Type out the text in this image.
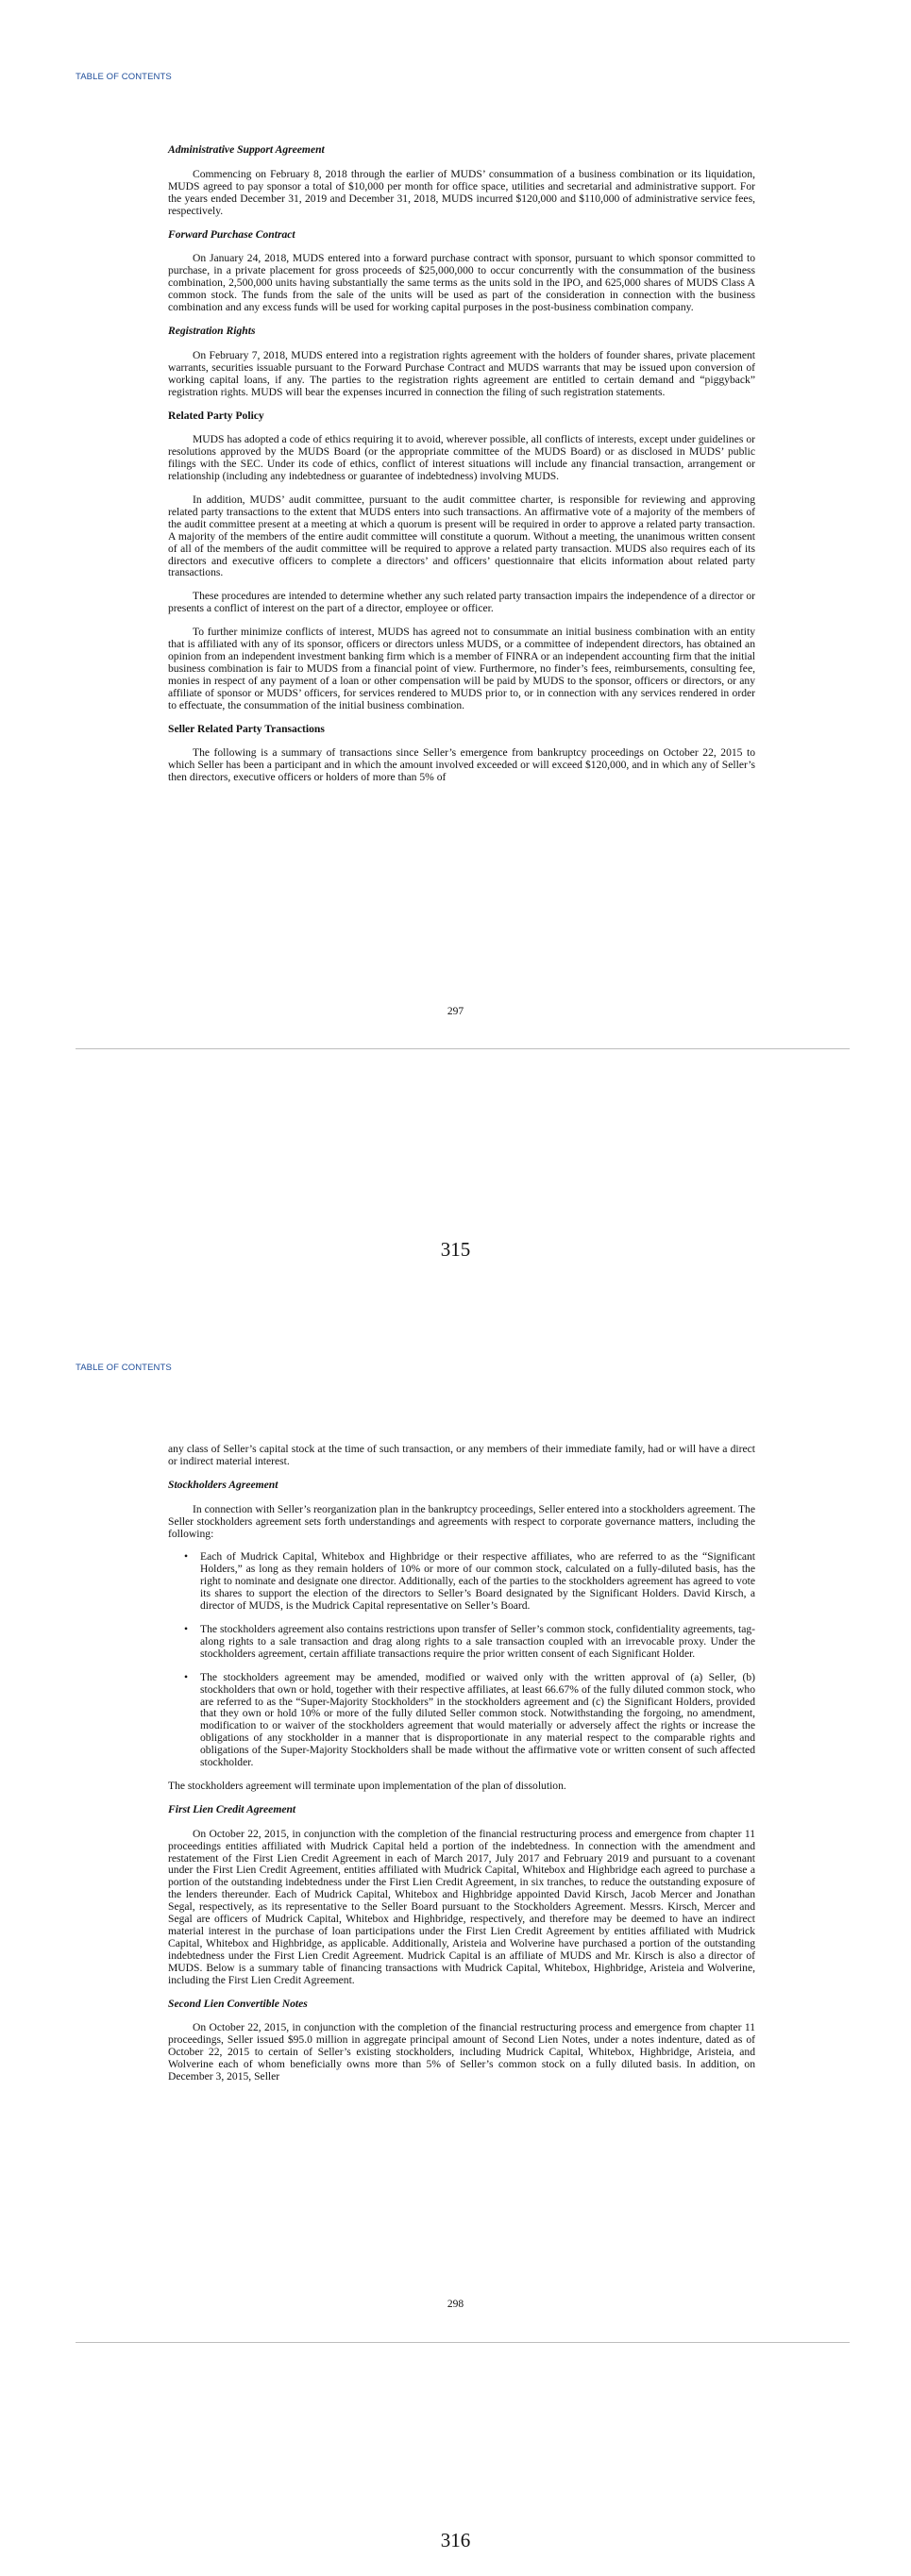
TABLE OF CONTENTS
Administrative Support Agreement

Commencing on February 8, 2018 through the earlier of MUDS’ consummation of a business combination or its liquidation, MUDS agreed to pay sponsor a total of $10,000 per month for office space, utilities and secretarial and administrative support. For the years ended December 31, 2019 and December 31, 2018, MUDS incurred $120,000 and $110,000 of administrative service fees, respectively.

Forward Purchase Contract

On January 24, 2018, MUDS entered into a forward purchase contract with sponsor, pursuant to which sponsor committed to purchase, in a private placement for gross proceeds of $25,000,000 to occur concurrently with the consummation of the business combination, 2,500,000 units having substantially the same terms as the units sold in the IPO, and 625,000 shares of MUDS Class A common stock. The funds from the sale of the units will be used as part of the consideration in connection with the business combination and any excess funds will be used for working capital purposes in the post-business combination company.

Registration Rights

On February 7, 2018, MUDS entered into a registration rights agreement with the holders of founder shares, private placement warrants, securities issuable pursuant to the Forward Purchase Contract and MUDS warrants that may be issued upon conversion of working capital loans, if any. The parties to the registration rights agreement are entitled to certain demand and “piggyback” registration rights. MUDS will bear the expenses incurred in connection the filing of such registration statements.

Related Party Policy

MUDS has adopted a code of ethics requiring it to avoid, wherever possible, all conflicts of interests, except under guidelines or resolutions approved by the MUDS Board (or the appropriate committee of the MUDS Board) or as disclosed in MUDS’ public filings with the SEC. Under its code of ethics, conflict of interest situations will include any financial transaction, arrangement or relationship (including any indebtedness or guarantee of indebtedness) involving MUDS.

In addition, MUDS’ audit committee, pursuant to the audit committee charter, is responsible for reviewing and approving related party transactions to the extent that MUDS enters into such transactions. An affirmative vote of a majority of the members of the audit committee present at a meeting at which a quorum is present will be required in order to approve a related party transaction. A majority of the members of the entire audit committee will constitute a quorum. Without a meeting, the unanimous written consent of all of the members of the audit committee will be required to approve a related party transaction. MUDS also requires each of its directors and executive officers to complete a directors’ and officers’ questionnaire that elicits information about related party transactions.

These procedures are intended to determine whether any such related party transaction impairs the independence of a director or presents a conflict of interest on the part of a director, employee or officer.

To further minimize conflicts of interest, MUDS has agreed not to consummate an initial business combination with an entity that is affiliated with any of its sponsor, officers or directors unless MUDS, or a committee of independent directors, has obtained an opinion from an independent investment banking firm which is a member of FINRA or an independent accounting firm that the initial business combination is fair to MUDS from a financial point of view. Furthermore, no finder’s fees, reimbursements, consulting fee, monies in respect of any payment of a loan or other compensation will be paid by MUDS to the sponsor, officers or directors, or any affiliate of sponsor or MUDS’ officers, for services rendered to MUDS prior to, or in connection with any services rendered in order to effectuate, the consummation of the initial business combination.

Seller Related Party Transactions

The following is a summary of transactions since Seller’s emergence from bankruptcy proceedings on October 22, 2015 to which Seller has been a participant and in which the amount involved exceeded or will exceed $120,000, and in which any of Seller’s then directors, executive officers or holders of more than 5% of

297
315
TABLE OF CONTENTS

any class of Seller’s capital stock at the time of such transaction, or any members of their immediate family, had or will have a direct or indirect material interest.

Stockholders Agreement

In connection with Seller’s reorganization plan in the bankruptcy proceedings, Seller entered into a stockholders agreement. The Seller stockholders agreement sets forth understandings and agreements with respect to corporate governance matters, including the following:

• Each of Mudrick Capital, Whitebox and Highbridge or their respective affiliates, who are referred to as the “Significant Holders,” as long as they remain holders of 10% or more of our common stock, calculated on a fully-diluted basis, has the right to nominate and designate one director. Additionally, each of the parties to the stockholders agreement has agreed to vote its shares to support the election of the directors to Seller’s Board designated by the Significant Holders. David Kirsch, a director of MUDS, is the Mudrick Capital representative on Seller’s Board.
• The stockholders agreement also contains restrictions upon transfer of Seller’s common stock, confidentiality agreements, tag-along rights to a sale transaction and drag along rights to a sale transaction coupled with an irrevocable proxy. Under the stockholders agreement, certain affiliate transactions require the prior written consent of each Significant Holder.
• The stockholders agreement may be amended, modified or waived only with the written approval of (a) Seller, (b) stockholders that own or hold, together with their respective affiliates, at least 66.67% of the fully diluted common stock, who are referred to as the “Super-Majority Stockholders” in the stockholders agreement and (c) the Significant Holders, provided that they own or hold 10% or more of the fully diluted Seller common stock. Notwithstanding the forgoing, no amendment, modification to or waiver of the stockholders agreement that would materially or adversely affect the rights or increase the obligations of any stockholder in a manner that is disproportionate in any material respect to the comparable rights and obligations of the Super-Majority Stockholders shall be made without the affirmative vote or written consent of such affected stockholder.

The stockholders agreement will terminate upon implementation of the plan of dissolution.

First Lien Credit Agreement

On October 22, 2015, in conjunction with the completion of the financial restructuring process and emergence from chapter 11 proceedings entities affiliated with Mudrick Capital held a portion of the indebtedness. In connection with the amendment and restatement of the First Lien Credit Agreement in each of March 2017, July 2017 and February 2019 and pursuant to a covenant under the First Lien Credit Agreement, entities affiliated with Mudrick Capital, Whitebox and Highbridge each agreed to purchase a portion of the outstanding indebtedness under the First Lien Credit Agreement, in six tranches, to reduce the outstanding exposure of the lenders thereunder. Each of Mudrick Capital, Whitebox and Highbridge appointed David Kirsch, Jacob Mercer and Jonathan Segal, respectively, as its representative to the Seller Board pursuant to the Stockholders Agreement. Messrs. Kirsch, Mercer and Segal are officers of Mudrick Capital, Whitebox and Highbridge, respectively, and therefore may be deemed to have an indirect material interest in the purchase of loan participations under the First Lien Credit Agreement by entities affiliated with Mudrick Capital, Whitebox and Highbridge, as applicable. Additionally, Aristeia and Wolverine have purchased a portion of the outstanding indebtedness under the First Lien Credit Agreement. Mudrick Capital is an affiliate of MUDS and Mr. Kirsch is also a director of MUDS. Below is a summary table of financing transactions with Mudrick Capital, Whitebox, Highbridge, Aristeia and Wolverine, including the First Lien Credit Agreement.

Second Lien Convertible Notes

On October 22, 2015, in conjunction with the completion of the financial restructuring process and emergence from chapter 11 proceedings, Seller issued $95.0 million in aggregate principal amount of Second Lien Notes, under a notes indenture, dated as of October 22, 2015 to certain of Seller’s existing stockholders, including Mudrick Capital, Whitebox, Highbridge, Aristeia, and Wolverine each of whom beneficially owns more than 5% of Seller’s common stock on a fully diluted basis. In addition, on December 3, 2015, Seller

298
316
